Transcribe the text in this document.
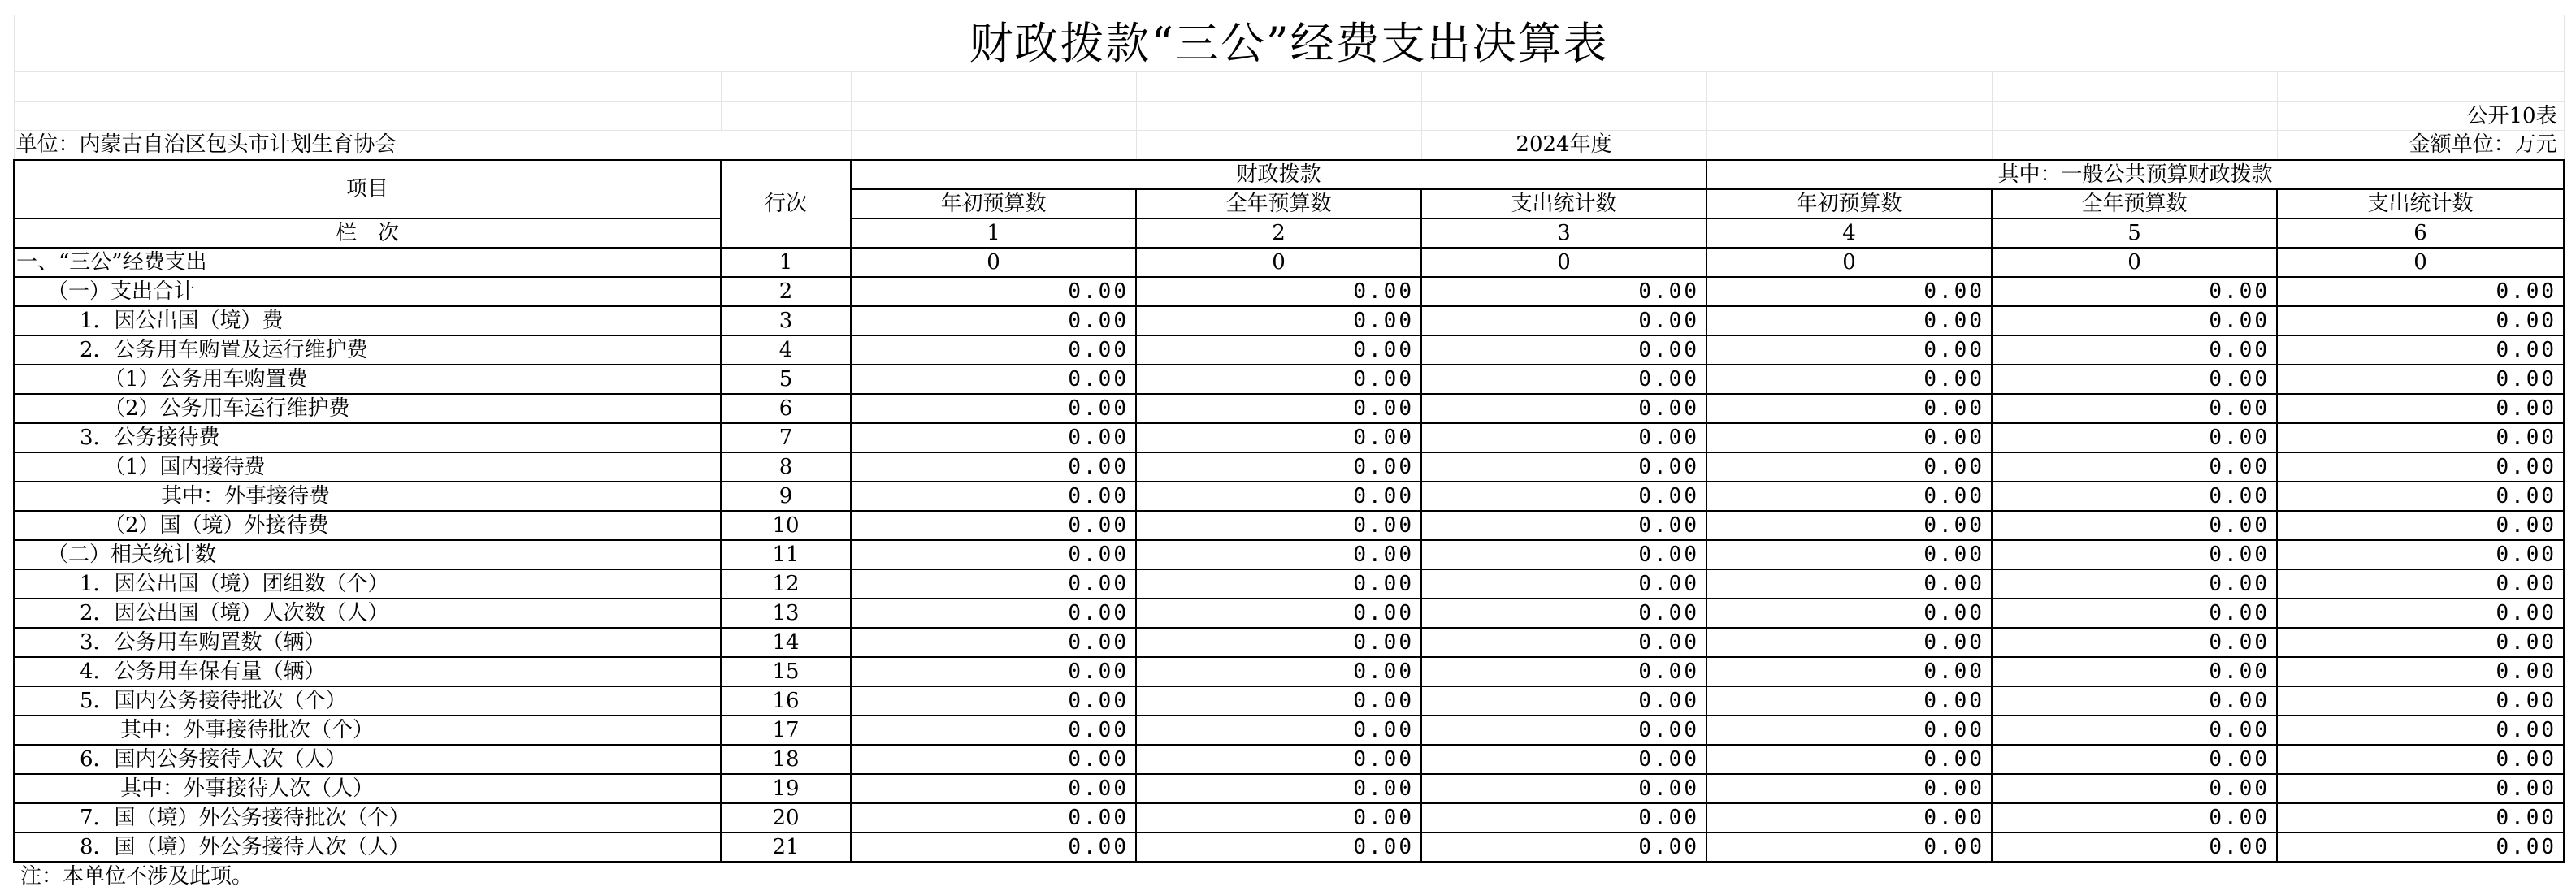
财政拨款“三公”经费支出决算表							

							公开10表
单位：内蒙古自治区包头市计划生育协会				2024年度			金额单位：万元
项目	行次	财政拨款			其中：一般公共预算财政拨款		
		年初预算数	全年预算数	支出统计数	年初预算数	全年预算数	支出统计数
栏　次		1	2	3	4	5	6
一、“三公”经费支出	1	0	0	0	0	0	0
（一）支出合计	2	0.00	0.00	0.00	0.00	0.00	0.00
1．因公出国（境）费	3	0.00	0.00	0.00	0.00	0.00	0.00
2．公务用车购置及运行维护费	4	0.00	0.00	0.00	0.00	0.00	0.00
（1）公务用车购置费	5	0.00	0.00	0.00	0.00	0.00	0.00
（2）公务用车运行维护费	6	0.00	0.00	0.00	0.00	0.00	0.00
3．公务接待费	7	0.00	0.00	0.00	0.00	0.00	0.00
（1）国内接待费	8	0.00	0.00	0.00	0.00	0.00	0.00
其中：外事接待费	9	0.00	0.00	0.00	0.00	0.00	0.00
（2）国（境）外接待费	10	0.00	0.00	0.00	0.00	0.00	0.00
（二）相关统计数	11	0.00	0.00	0.00	0.00	0.00	0.00
1．因公出国（境）团组数（个）	12	0.00	0.00	0.00	0.00	0.00	0.00
2．因公出国（境）人次数（人）	13	0.00	0.00	0.00	0.00	0.00	0.00
3．公务用车购置数（辆）	14	0.00	0.00	0.00	0.00	0.00	0.00
4．公务用车保有量（辆）	15	0.00	0.00	0.00	0.00	0.00	0.00
5．国内公务接待批次（个）	16	0.00	0.00	0.00	0.00	0.00	0.00
其中：外事接待批次（个）	17	0.00	0.00	0.00	0.00	0.00	0.00
6．国内公务接待人次（人）	18	0.00	0.00	0.00	0.00	0.00	0.00
其中：外事接待人次（人）	19	0.00	0.00	0.00	0.00	0.00	0.00
7．国（境）外公务接待批次（个）	20	0.00	0.00	0.00	0.00	0.00	0.00
8．国（境）外公务接待人次（人）	21	0.00	0.00	0.00	0.00	0.00	0.00
注：本单位不涉及此项。							
